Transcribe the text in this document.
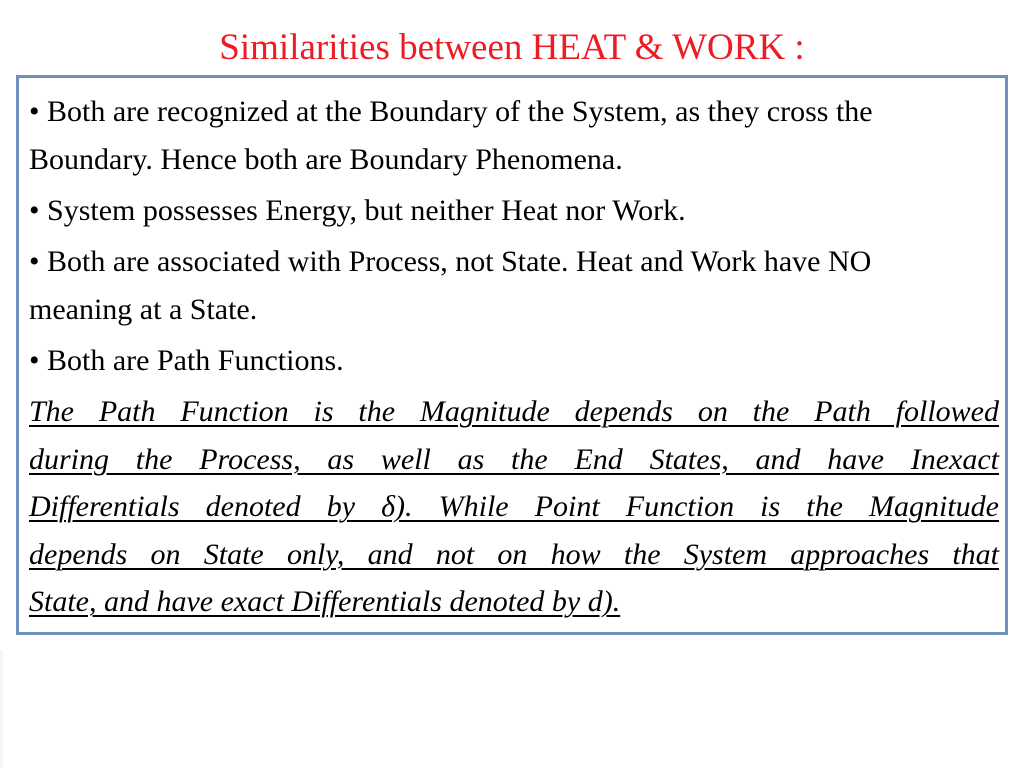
Similarities between HEAT & WORK :
• Both are recognized at the Boundary of the System, as they cross the
Boundary. Hence both are Boundary Phenomena.
• System possesses Energy, but neither Heat nor Work.
• Both are associated with Process, not State. Heat and Work have NO
meaning at a State.
• Both are Path Functions.
The Path Function is the Magnitude depends on the Path followed
during the Process, as well as the End States, and have Inexact
Differentials denoted by δ). While Point Function is the Magnitude
depends on State only, and not on how the System approaches that
State, and have exact Differentials denoted by d).
